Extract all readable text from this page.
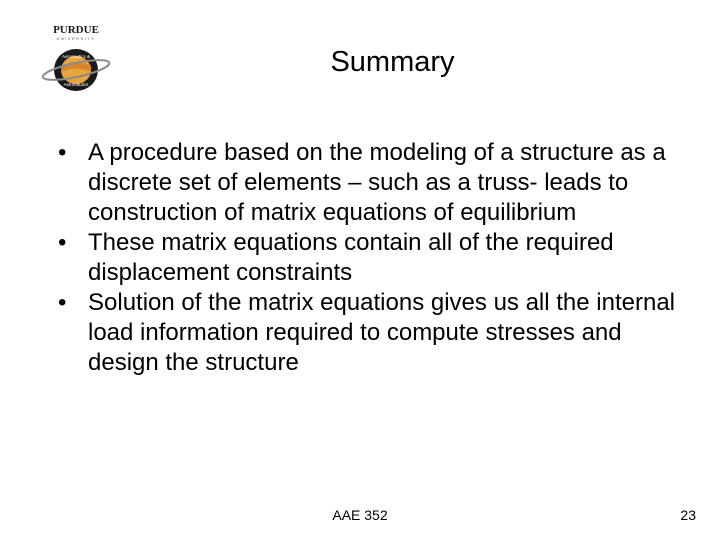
PURDUE
UNIVERSITY
Aeronautics &
Astronautics
Summary
• A procedure based on the modeling of a structure as a discrete set of elements – such as a truss- leads to construction of matrix equations of equilibrium
• These matrix equations contain all of the required displacement constraints
• Solution of the matrix equations gives us all the internal load information required to compute stresses and design the structure
AAE 352	23
